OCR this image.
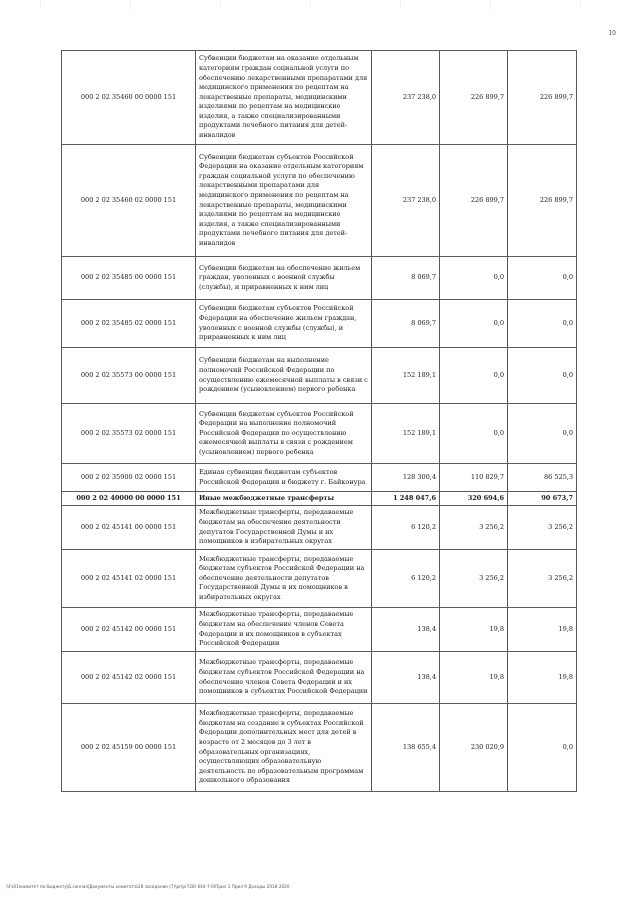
10
000 2 02 35460 00 0000 151	Субвенции бюджетам на оказание отдельным категориям граждан социальной услуги по обеспечению лекарственными препаратами для медицинского применения по рецептам на лекарственные препараты, медицинскими изделиями по рецептам на медицинские изделия, а также специализированными продуктами лечебного питания для детей-инвалидов	237 238,0	226 899,7	226 899,7
000 2 02 35460 02 0000 151	Субвенции бюджетам субъектов Российской Федерации на оказание отдельным категориям граждан социальной услуги по обеспечению лекарственными препаратами для медицинского применения по рецептам на лекарственные препараты, медицинскими изделиями по рецептам на медицинские изделия, а также специализированными продуктами лечебного питания для детей-инвалидов	237 238,0	226 899,7	226 899,7
000 2 02 35485 00 0000 151	Субвенции бюджетам на обеспечение жильем граждан, уволенных с военной службы (службы), и приравненных к ним лиц	8 069,7	0,0	0,0
000 2 02 35485 02 0000 151	Субвенции бюджетам субъектов Российской Федерации на обеспечение жильем граждан, уволенных с военной службы (службы), и приравненных к ним лиц	8 069,7	0,0	0,0
000 2 02 35573 00 0000 151	Субвенции бюджетам на выполнение полномочий Российской Федерации по осуществлению ежемесячной выплаты в связи с рождением (усыновлением) первого ребенка	152 189,1	0,0	0,0
000 2 02 35573 02 0000 151	Субвенции бюджетам субъектов Российской Федерации на выполнение полномочий Российской Федерации по осуществлению ежемесячной выплаты в связи с рождением (усыновлением) первого ребенка	152 189,1	0,0	0,0
000 2 02 35900 02 0000 151	Единая субвенция бюджетам субъектов Российской Федерации и бюджету г. Байконура	128 300,4	110 829,7	86 525,3
000 2 02 40000 00 0000 151	Иные межбюджетные трансферты	1 248 047,6	320 694,6	90 673,7
000 2 02 45141 00 0000 151	Межбюджетные трансферты, передаваемые бюджетам на обеспечение деятельности депутатов Государственной Думы и их помощников в избирательных округах	6 120,2	3 256,2	3 256,2
000 2 02 45141 02 0000 151	Межбюджетные трансферты, передаваемые бюджетам субъектов Российской Федерации на обеспечение деятельности депутатов Государственной Думы и их помощников в избирательных округах	6 120,2	3 256,2	3 256,2
000 2 02 45142 00 0000 151	Межбюджетные трансферты, передаваемые бюджетам на обеспечение членов Совета Федерации и их помощников в субъектах Российской Федерации	138,4	19,8	19,8
000 2 02 45142 02 0000 151	Межбюджетные трансферты, передаваемые бюджетам субъектов Российской Федерации на обеспечение членов Совета Федерации и их помощников в субъектах Российской Федерации	138,4	19,8	19,8
000 2 02 45159 00 0000 151	Межбюджетные трансферты, передаваемые бюджетам на создание в субъектах Российской Федерации дополнительных мест для детей в возрасте от 2 месяцев до 3 лет в образовательных организациях, осуществляющих образовательную деятельность по образовательным программам дошкольного образования	138 655,4	230 020,9	0,0
\\Fs01\комитет по бюджету\Б.сонная\Документы комитета\28 заседание (7)\pr\pr728\ 644-7-0\Прил 1 Прил 9 Доходы 2018-2020
